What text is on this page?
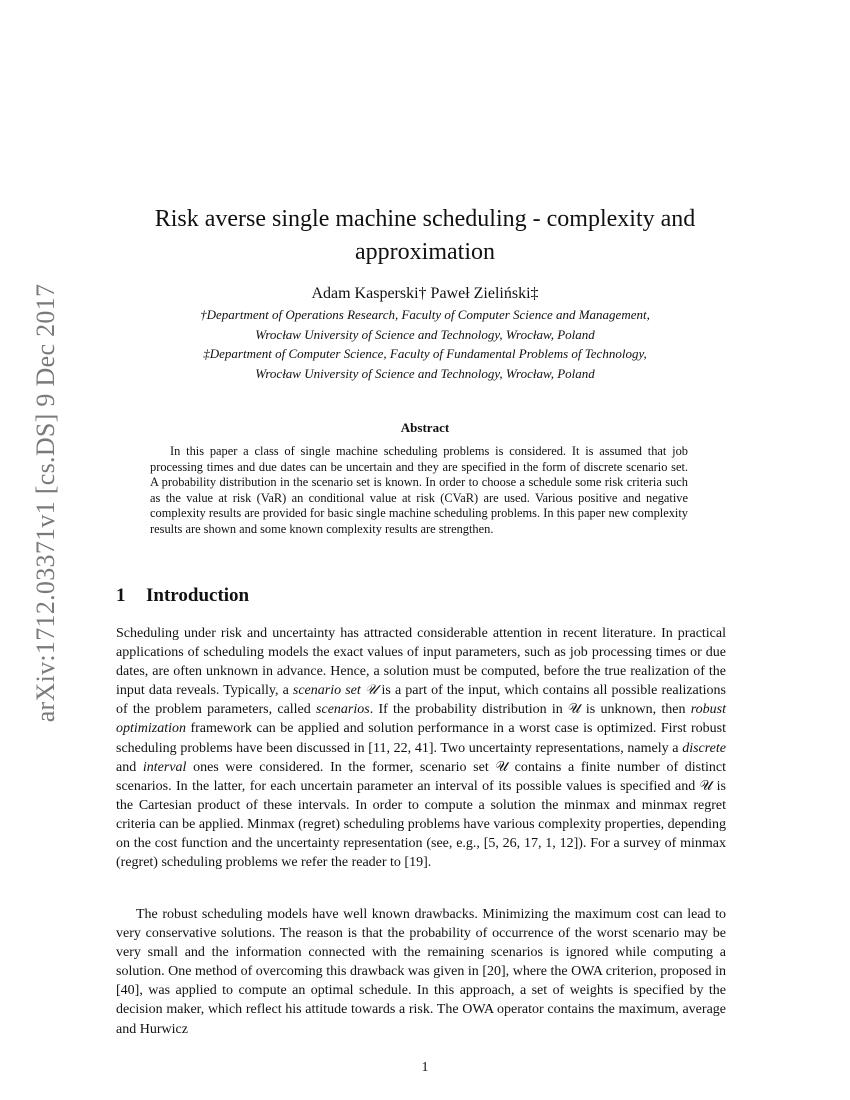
arXiv:1712.03371v1 [cs.DS] 9 Dec 2017
Risk averse single machine scheduling - complexity and approximation
Adam Kasperski† Paweł Zieliński‡
†Department of Operations Research, Faculty of Computer Science and Management,
Wrocław University of Science and Technology, Wrocław, Poland
‡Department of Computer Science, Faculty of Fundamental Problems of Technology,
Wrocław University of Science and Technology, Wrocław, Poland
Abstract
In this paper a class of single machine scheduling problems is considered. It is assumed that job processing times and due dates can be uncertain and they are specified in the form of discrete scenario set. A probability distribution in the scenario set is known. In order to choose a schedule some risk criteria such as the value at risk (VaR) an conditional value at risk (CVaR) are used. Various positive and negative complexity results are provided for basic single machine scheduling problems. In this paper new complexity results are shown and some known complexity results are strengthen.
1 Introduction

Scheduling under risk and uncertainty has attracted considerable attention in recent literature. In practical applications of scheduling models the exact values of input parameters, such as job processing times or due dates, are often unknown in advance. Hence, a solution must be computed, before the true realization of the input data reveals. Typically, a scenario set 𝒰 is a part of the input, which contains all possible realizations of the problem parameters, called scenarios. If the probability distribution in 𝒰 is unknown, then robust optimization framework can be applied and solution performance in a worst case is optimized. First robust scheduling problems have been discussed in [11, 22, 41]. Two uncertainty representations, namely a discrete and interval ones were considered. In the former, scenario set 𝒰 contains a finite number of distinct scenarios. In the latter, for each uncertain parameter an interval of its possible values is specified and 𝒰 is the Cartesian product of these intervals. In order to compute a solution the minmax and minmax regret criteria can be applied. Minmax (regret) scheduling problems have various complexity properties, depending on the cost function and the uncertainty representation (see, e.g., [5, 26, 17, 1, 12]). For a survey of minmax (regret) scheduling problems we refer the reader to [19].

The robust scheduling models have well known drawbacks. Minimizing the maximum cost can lead to very conservative solutions. The reason is that the probability of occurrence of the worst scenario may be very small and the information connected with the remaining scenarios is ignored while computing a solution. One method of overcoming this drawback was given in [20], where the OWA criterion, proposed in [40], was applied to compute an optimal schedule. In this approach, a set of weights is specified by the decision maker, which reflect his attitude towards a risk. The OWA operator contains the maximum, average and Hurwicz

1
